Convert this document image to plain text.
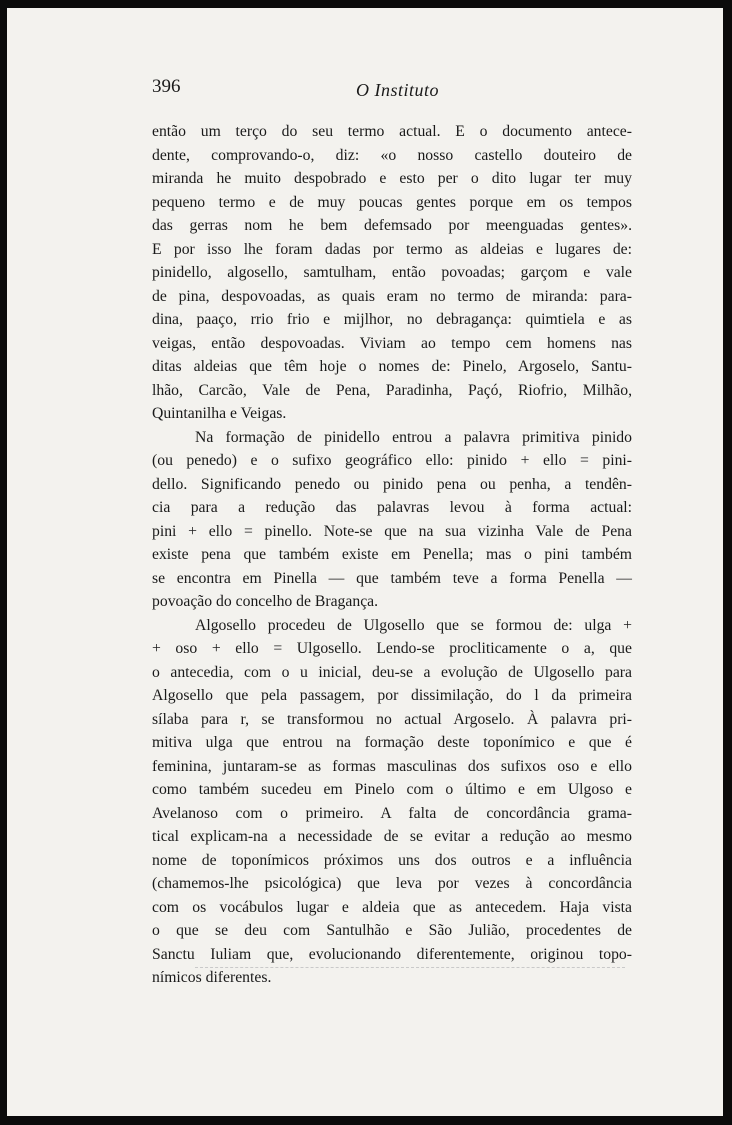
396	O Instituto
então um terço do seu termo actual. E o documento antece-
dente, comprovando-o, diz: «o nosso castello douteiro de
miranda he muito despobrado e esto per o dito lugar ter muy
pequeno termo e de muy poucas gentes porque em os tempos
das gerras nom he bem defemsado por meenguadas gentes».
E por isso lhe foram dadas por termo as aldeias e lugares de:
pinidello, algosello, samtulham, então povoadas; garçom e vale
de pina, despovoadas, as quais eram no termo de miranda: para-
dina, paaço, rrio frio e mijlhor, no debragança: quimtiela e as
veigas, então despovoadas. Viviam ao tempo cem homens nas
ditas aldeias que têm hoje o nomes de: Pinelo, Argoselo, Santu-
lhão, Carcão, Vale de Pena, Paradinha, Paçó, Riofrio, Milhão,
Quintanilha e Veigas.
Na formação de pinidello entrou a palavra primitiva pinido
(ou penedo) e o sufixo geográfico ello: pinido + ello = pini-
dello. Significando penedo ou pinido pena ou penha, a tendên-
cia para a redução das palavras levou à forma actual:
pini + ello = pinello. Note-se que na sua vizinha Vale de Pena
existe pena que também existe em Penella; mas o pini também
se encontra em Pinella — que também teve a forma Penella —
povoação do concelho de Bragança.
Algosello procedeu de Ulgosello que se formou de: ulga +
+ oso + ello = Ulgosello. Lendo-se procliticamente o a, que
o antecedia, com o u inicial, deu-se a evolução de Ulgosello para
Algosello que pela passagem, por dissimilação, do l da primeira
sílaba para r, se transformou no actual Argoselo. À palavra pri-
mitiva ulga que entrou na formação deste toponímico e que é
feminina, juntaram-se as formas masculinas dos sufixos oso e ello
como também sucedeu em Pinelo com o último e em Ulgoso e
Avelanoso com o primeiro. A falta de concordância grama-
tical explicam-na a necessidade de se evitar a redução ao mesmo
nome de toponímicos próximos uns dos outros e a influência
(chamemos-lhe psicológica) que leva por vezes à concordância
com os vocábulos lugar e aldeia que as antecedem. Haja vista
o que se deu com Santulhão e São Julião, procedentes de
Sanctu Iuliam que, evolucionando diferentemente, originou topo-
nímicos diferentes.
